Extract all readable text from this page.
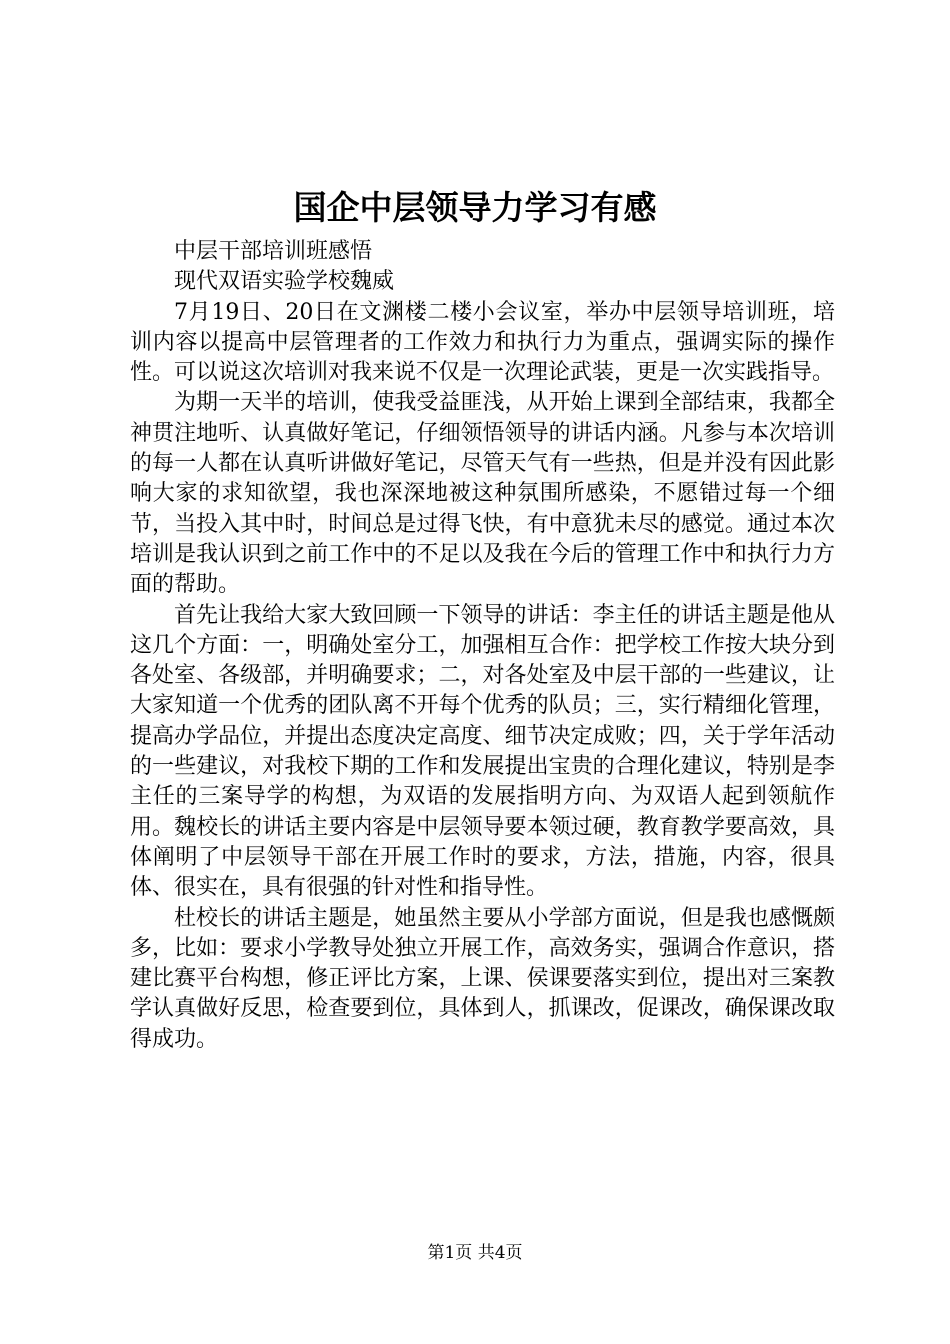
国企中层领导力学习有感

中层干部培训班感悟

现代双语实验学校魏威

7月19日、20日在文渊楼二楼小会议室，举办中层领导培训班，培训内容以提高中层管理者的工作效力和执行力为重点，强调实际的操作性。可以说这次培训对我来说不仅是一次理论武装，更是一次实践指导。

为期一天半的培训，使我受益匪浅，从开始上课到全部结束，我都全神贯注地听、认真做好笔记，仔细领悟领导的讲话内涵。凡参与本次培训的每一人都在认真听讲做好笔记，尽管天气有一些热，但是并没有因此影响大家的求知欲望，我也深深地被这种氛围所感染，不愿错过每一个细节，当投入其中时，时间总是过得飞快，有中意犹未尽的感觉。通过本次培训是我认识到之前工作中的不足以及我在今后的管理工作中和执行力方面的帮助。

首先让我给大家大致回顾一下领导的讲话：李主任的讲话主题是他从这几个方面：一，明确处室分工，加强相互合作：把学校工作按大块分到各处室、各级部，并明确要求；二，对各处室及中层干部的一些建议，让大家知道一个优秀的团队离不开每个优秀的队员；三，实行精细化管理，提高办学品位，并提出态度决定高度、细节决定成败；四，关于学年活动的一些建议，对我校下期的工作和发展提出宝贵的合理化建议，特别是李主任的三案导学的构想，为双语的发展指明方向、为双语人起到领航作用。魏校长的讲话主要内容是中层领导要本领过硬，教育教学要高效，具体阐明了中层领导干部在开展工作时的要求，方法，措施，内容，很具体、很实在，具有很强的针对性和指导性。

杜校长的讲话主题是，她虽然主要从小学部方面说，但是我也感慨颇多，比如：要求小学教导处独立开展工作，高效务实，强调合作意识，搭建比赛平台构想，修正评比方案，上课、侯课要落实到位，提出对三案教学认真做好反思，检查要到位，具体到人，抓课改，促课改，确保课改取得成功。

第1页 共4页
